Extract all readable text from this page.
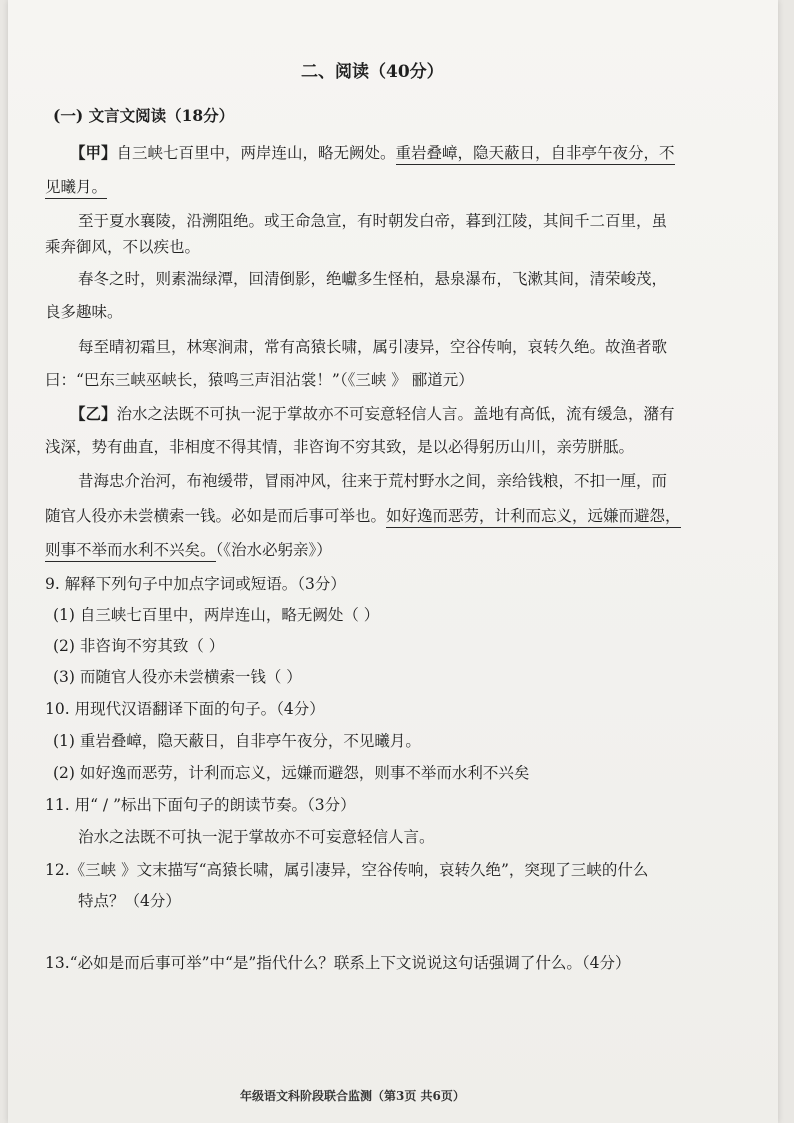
二、阅读（40分）
(一) 文言文阅读（18分）
【甲】自三峡七百里中，两岸连山，略无阙处。重岩叠嶂，隐天蔽日，自非亭午夜分，不
见曦月。
至于夏水襄陵，沿溯阻绝。或王命急宣，有时朝发白帝，暮到江陵，其间千二百里，虽
乘奔御风，不以疾也。
春冬之时，则素湍绿潭，回清倒影，绝巘多生怪柏，悬泉瀑布，飞漱其间，清荣峻茂，
良多趣味。
每至晴初霜旦，林寒涧肃，常有高猿长啸，属引凄异，空谷传响，哀转久绝。故渔者歌
曰：“巴东三峡巫峡长，猿鸣三声泪沾裳！”（《三峡 》 郦道元）
【乙】治水之法既不可执一泥于掌故亦不可妄意轻信人言。盖地有高低，流有缓急，潴有
浅深，势有曲直，非相度不得其情，非咨询不穷其致，是以必得躬历山川，亲劳胼胝。
昔海忠介治河，布袍缓带，冒雨冲风，往来于荒村野水之间，亲给钱粮，不扣一厘，而
随官人役亦未尝横索一钱。必如是而后事可举也。如好逸而恶劳，计利而忘义，远嫌而避怨，
则事不举而水利不兴矣。（《治水必躬亲》）
9. 解释下列句子中加点字词或短语。（3分）
(1) 自三峡七百里中，两岸连山，略无阙处（ ）
(2) 非咨询不穷其致（ ）
(3) 而随官人役亦未尝横索一钱（ ）
10. 用现代汉语翻译下面的句子。（4分）
(1) 重岩叠嶂，隐天蔽日，自非亭午夜分，不见曦月。
(2) 如好逸而恶劳，计利而忘义，远嫌而避怨，则事不举而水利不兴矣
11. 用“ / ”标出下面句子的朗读节奏。（3分）
治水之法既不可执一泥于掌故亦不可妄意轻信人言。
12.《三峡 》文末描写“高猿长啸，属引凄异，空谷传响，哀转久绝”，突现了三峡的什么
特点？（4分）
13.“必如是而后事可举”中“是”指代什么？联系上下文说说这句话强调了什么。（4分）
年级语文科阶段联合监测（第3页 共6页）
